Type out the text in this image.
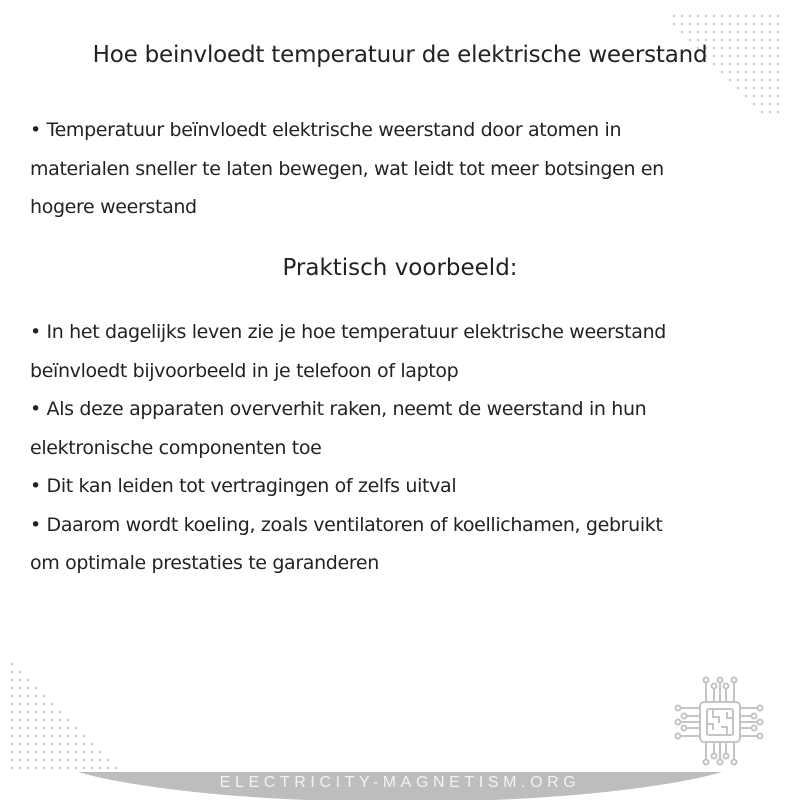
Hoe beinvloedt temperatuur de elektrische weerstand
• Temperatuur beïnvloedt elektrische weerstand door atomen in
materialen sneller te laten bewegen, wat leidt tot meer botsingen en
hogere weerstand
Praktisch voorbeeld:
• In het dagelijks leven zie je hoe temperatuur elektrische weerstand
beïnvloedt bijvoorbeeld in je telefoon of laptop
• Als deze apparaten oververhit raken, neemt de weerstand in hun
elektronische componenten toe
• Dit kan leiden tot vertragingen of zelfs uitval
• Daarom wordt koeling, zoals ventilatoren of koellichamen, gebruikt
om optimale prestaties te garanderen
ELECTRICITY-MAGNETISM.ORG
